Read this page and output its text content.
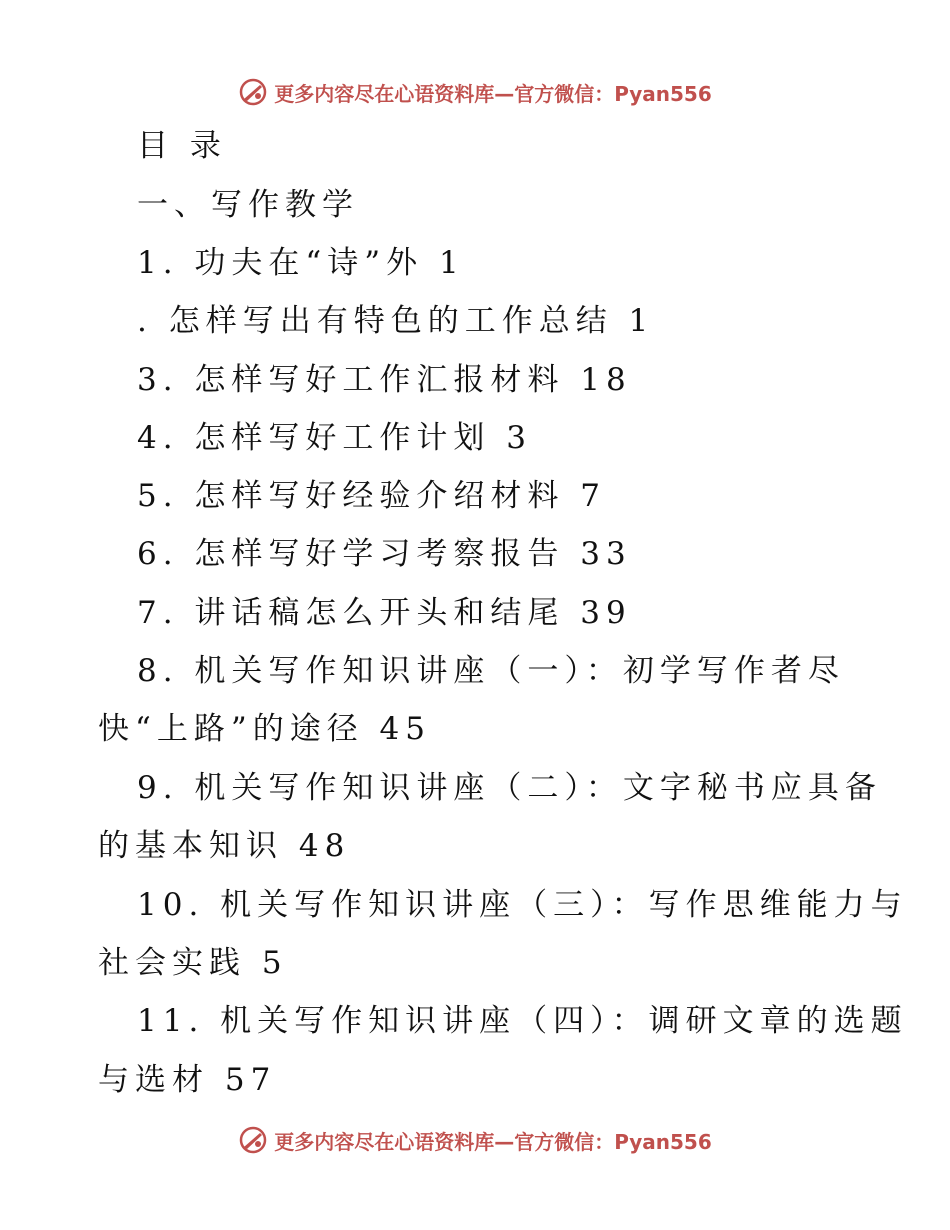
更多内容尽在心语资料库—官方微信：Pyan556
目 录
一、写作教学
1. 功夫在“诗”外 1
. 怎样写出有特色的工作总结 1
3. 怎样写好工作汇报材料 18
4. 怎样写好工作计划 3
5. 怎样写好经验介绍材料 7
6. 怎样写好学习考察报告 33
7. 讲话稿怎么开头和结尾 39
8. 机关写作知识讲座（一）：初学写作者尽
快“上路”的途径 45
9. 机关写作知识讲座（二）：文字秘书应具备
的基本知识 48
10. 机关写作知识讲座（三）：写作思维能力与
社会实践 5
11. 机关写作知识讲座（四）：调研文章的选题
与选材 57
更多内容尽在心语资料库—官方微信：Pyan556
